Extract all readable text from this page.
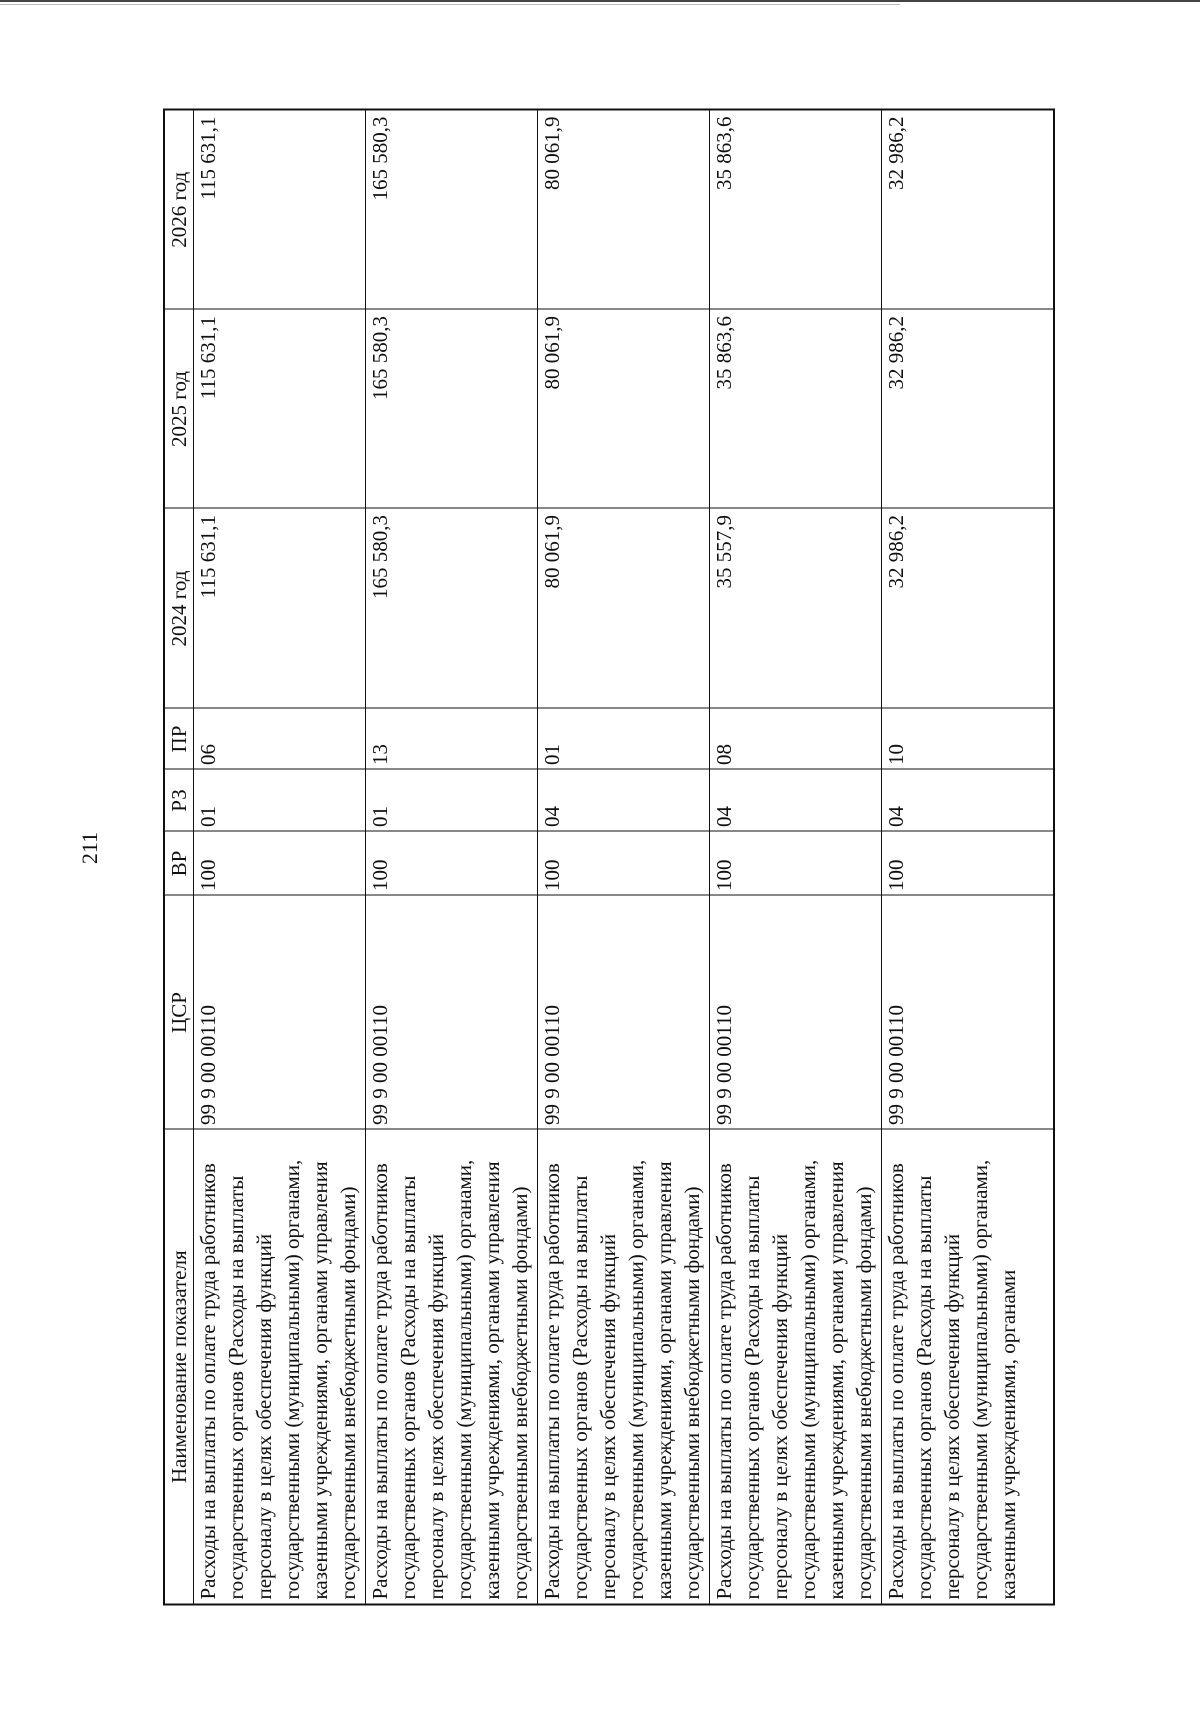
211
Наименование показателя	ЦСР	ВР	РЗ	ПР	2024 год	2025 год	2026 год
Расходы на выплаты по оплате труда работников государственных органов (Расходы на выплаты персоналу в целях обеспечения функций государственными (муниципальными) органами, казенными учреждениями, органами управления государственными внебюджетными фондами)	99 9 00 00110	100	01	06	115 631,1	115 631,1	115 631,1
Расходы на выплаты по оплате труда работников государственных органов (Расходы на выплаты персоналу в целях обеспечения функций государственными (муниципальными) органами, казенными учреждениями, органами управления государственными внебюджетными фондами)	99 9 00 00110	100	01	13	165 580,3	165 580,3	165 580,3
Расходы на выплаты по оплате труда работников государственных органов (Расходы на выплаты персоналу в целях обеспечения функций государственными (муниципальными) органами, казенными учреждениями, органами управления государственными внебюджетными фондами)	99 9 00 00110	100	04	01	80 061,9	80 061,9	80 061,9
Расходы на выплаты по оплате труда работников государственных органов (Расходы на выплаты персоналу в целях обеспечения функций государственными (муниципальными) органами, казенными учреждениями, органами управления государственными внебюджетными фондами)	99 9 00 00110	100	04	08	35 557,9	35 863,6	35 863,6
Расходы на выплаты по оплате труда работников государственных органов (Расходы на выплаты персоналу в целях обеспечения функций государственными (муниципальными) органами, казенными учреждениями, органами	99 9 00 00110	100	04	10	32 986,2	32 986,2	32 986,2
